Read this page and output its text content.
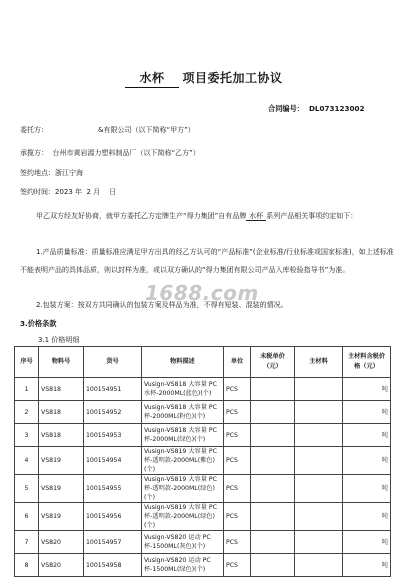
水杯 项目委托加工协议
合同编号： DL073123002
委托方：	&有限公司（以下简称“甲方”）
承揽方： 台州市黄岩源力塑料制品厂（以下简称“乙方”）
签约地点：浙江宁海
签约时间：2023 年  2 月    日
甲乙双方经友好协商，就甲方委托乙方定牌生产“得力集团”自有品牌 水杯 系列产品相关事项约定如下：
1.产品质量标准：质量标准应满足甲方出具的经乙方认可的“产品标准”(企业标准/行业标准或国家标准)，如上述标准不能表明产品的具体品质，则以封样为准，或以双方确认的“得力集团有限公司产品入库检验指导书”为准。
1688.com
2.包装方案：按双方共同确认的包装方案及样品为准，不得有短装、混装的情况。
3.价格条款
3.1 价格明细
序号	物料号	货号	物料描述	单位	未税单价（元）	主材料	主材料含税价格（元）
1	VS818	100154951	Vusign-VS818 大容量 PC 水杯-2000ML(蓝色)(个)	PCS			吨
2	VS818	100154952	Vusign-VS818 大容量 PC 杯-2000ML(粉色)(个)	PCS			吨
3	VS818	100154953	Vusign-VS818 大容量 PC 杯-2000ML(绿色)(个)	PCS			吨
4	VS819	100154954	Vusign-VS819 大容量 PC 杯-透明款-2000ML(紫色)(个)	PCS			吨
5	VS819	100154955	Vusign-VS819 大容量 PC 杯-透明款-2000ML(绿色)(个)	PCS			吨
6	VS819	100154956	Vusign-VS819 大容量 PC 杯-透明款-2000ML(绿色)(个)	PCS			吨
7	VS820	100154957	Vusign-VS820 运动 PC 杯-1500ML(灰色)(个)	PCS			吨
8	VS820	100154958	Vusign-VS820 运动 PC 杯-1500ML(绿色)(个)	PCS			吨
